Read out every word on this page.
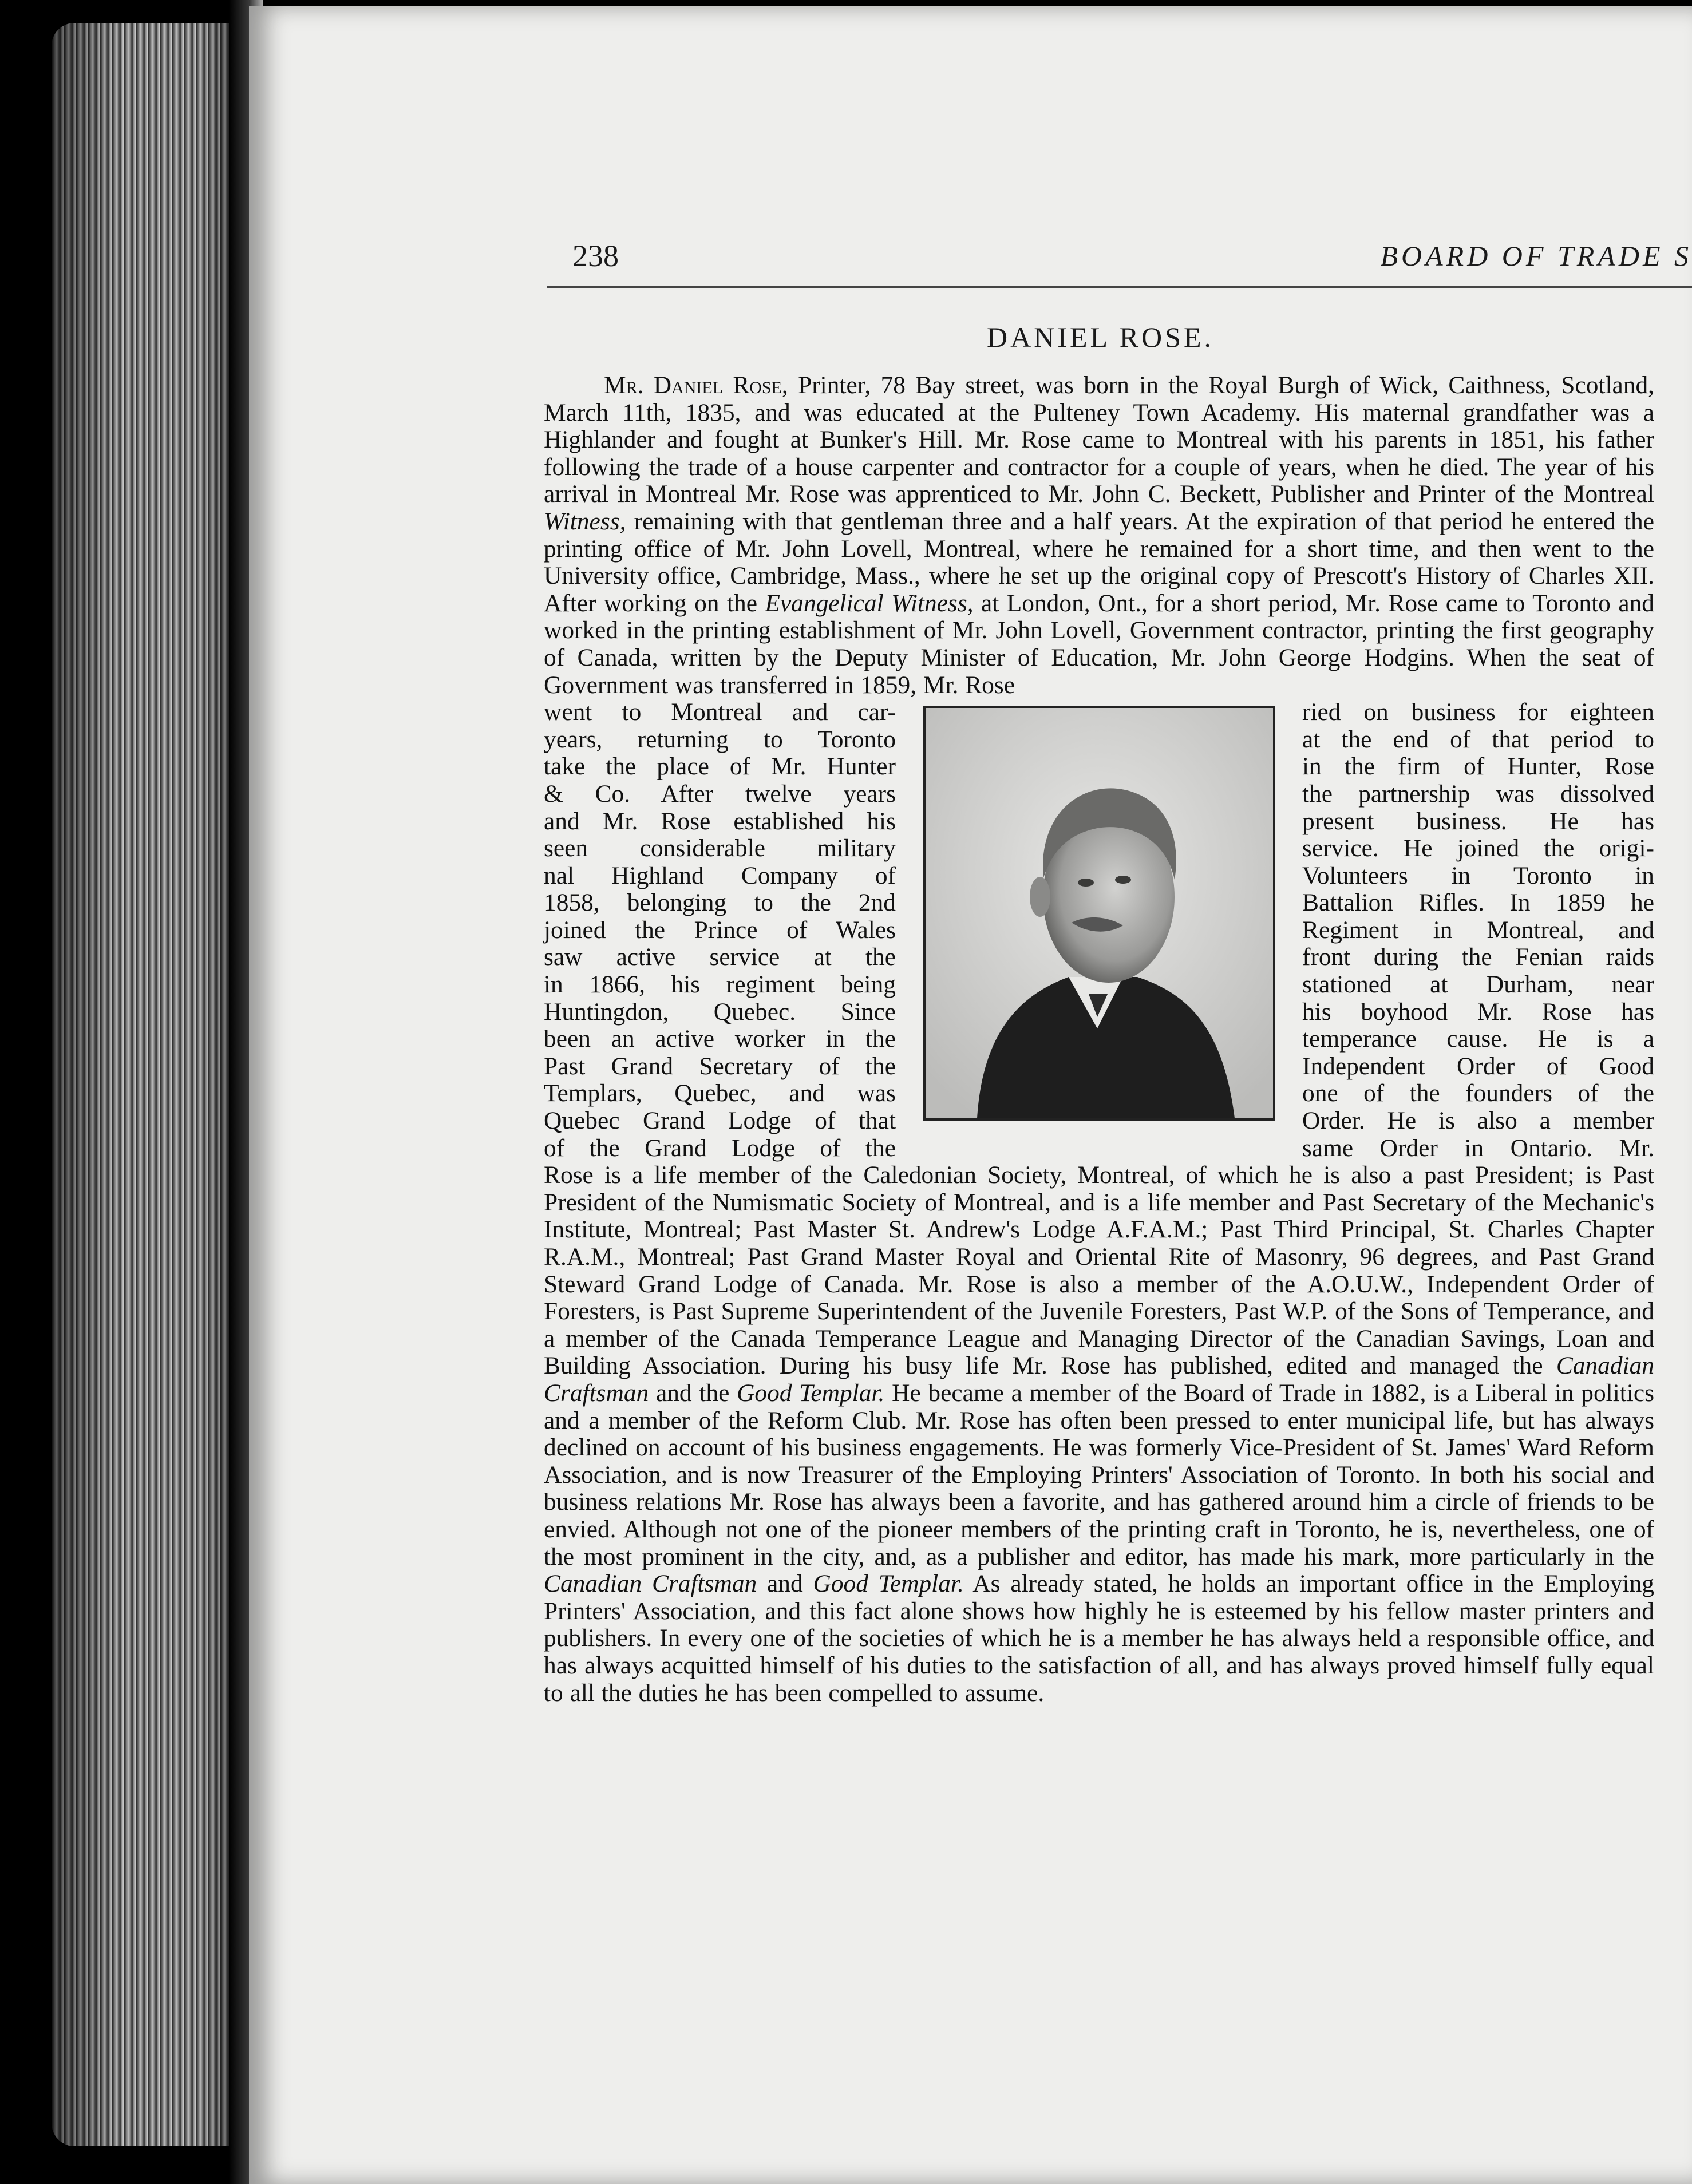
238	BOARD OF TRADE S
DANIEL ROSE.

Mr. Daniel Rose, Printer, 78 Bay street, was born in the Royal Burgh of Wick, Caithness, Scotland, March 11th, 1835, and was educated at the Pulteney Town Academy. His maternal grandfather was a Highlander and fought at Bunker's Hill. Mr. Rose came to Montreal with his parents in 1851, his father following the trade of a house carpenter and contractor for a couple of years, when he died. The year of his arrival in Montreal Mr. Rose was apprenticed to Mr. John C. Beckett, Publisher and Printer of the Montreal Witness, remaining with that gentleman three and a half years. At the expiration of that period he entered the printing office of Mr. John Lovell, Montreal, where he remained for a short time, and then went to the University office, Cambridge, Mass., where he set up the original copy of Prescott's History of Charles XII. After working on the Evangelical Witness, at London, Ont., for a short period, Mr. Rose came to Toronto and worked in the printing establishment of Mr. John Lovell, Government contractor, printing the first geography of Canada, written by the Deputy Minister of Education, Mr. John George Hodgins. When the seat of Government was transferred in 1859, Mr. Rose

went to Montreal and car-
years, returning to Toronto
take the place of Mr. Hunter
& Co. After twelve years
and Mr. Rose established his
seen considerable military
nal Highland Company of
1858, belonging to the 2nd
joined the Prince of Wales
saw active service at the
in 1866, his regiment being
Huntingdon, Quebec. Since
been an active worker in the
Past Grand Secretary of the
Templars, Quebec, and was
Quebec Grand Lodge of that
of the Grand Lodge of the
ried on business for eighteen
at the end of that period to
in the firm of Hunter, Rose
the partnership was dissolved
present business. He has
service. He joined the origi-
Volunteers in Toronto in
Battalion Rifles. In 1859 he
Regiment in Montreal, and
front during the Fenian raids
stationed at Durham, near
his boyhood Mr. Rose has
temperance cause. He is a
Independent Order of Good
one of the founders of the
Order. He is also a member
same Order in Ontario. Mr.

Rose is a life member of the Caledonian Society, Montreal, of which he is also a past President; is Past President of the Numismatic Society of Montreal, and is a life member and Past Secretary of the Mechanic's Institute, Montreal; Past Master St. Andrew's Lodge A.F.A.M.; Past Third Principal, St. Charles Chapter R.A.M., Montreal; Past Grand Master Royal and Oriental Rite of Masonry, 96 degrees, and Past Grand Steward Grand Lodge of Canada. Mr. Rose is also a member of the A.O.U.W., Independent Order of Foresters, is Past Supreme Superintendent of the Juvenile Foresters, Past W.P. of the Sons of Temperance, and a member of the Canada Temperance League and Managing Director of the Canadian Savings, Loan and Building Association. During his busy life Mr. Rose has published, edited and managed the Canadian Craftsman and the Good Templar. He became a member of the Board of Trade in 1882, is a Liberal in politics and a member of the Reform Club. Mr. Rose has often been pressed to enter municipal life, but has always declined on account of his business engagements. He was formerly Vice-President of St. James' Ward Reform Association, and is now Treasurer of the Employing Printers' Association of Toronto. In both his social and business relations Mr. Rose has always been a favorite, and has gathered around him a circle of friends to be envied. Although not one of the pioneer members of the printing craft in Toronto, he is, nevertheless, one of the most prominent in the city, and, as a publisher and editor, has made his mark, more particularly in the Canadian Craftsman and Good Templar. As already stated, he holds an important office in the Employing Printers' Association, and this fact alone shows how highly he is esteemed by his fellow master printers and publishers. In every one of the societies of which he is a member he has always held a responsible office, and has always acquitted himself of his duties to the satisfaction of all, and has always proved himself fully equal to all the duties he has been compelled to assume.
